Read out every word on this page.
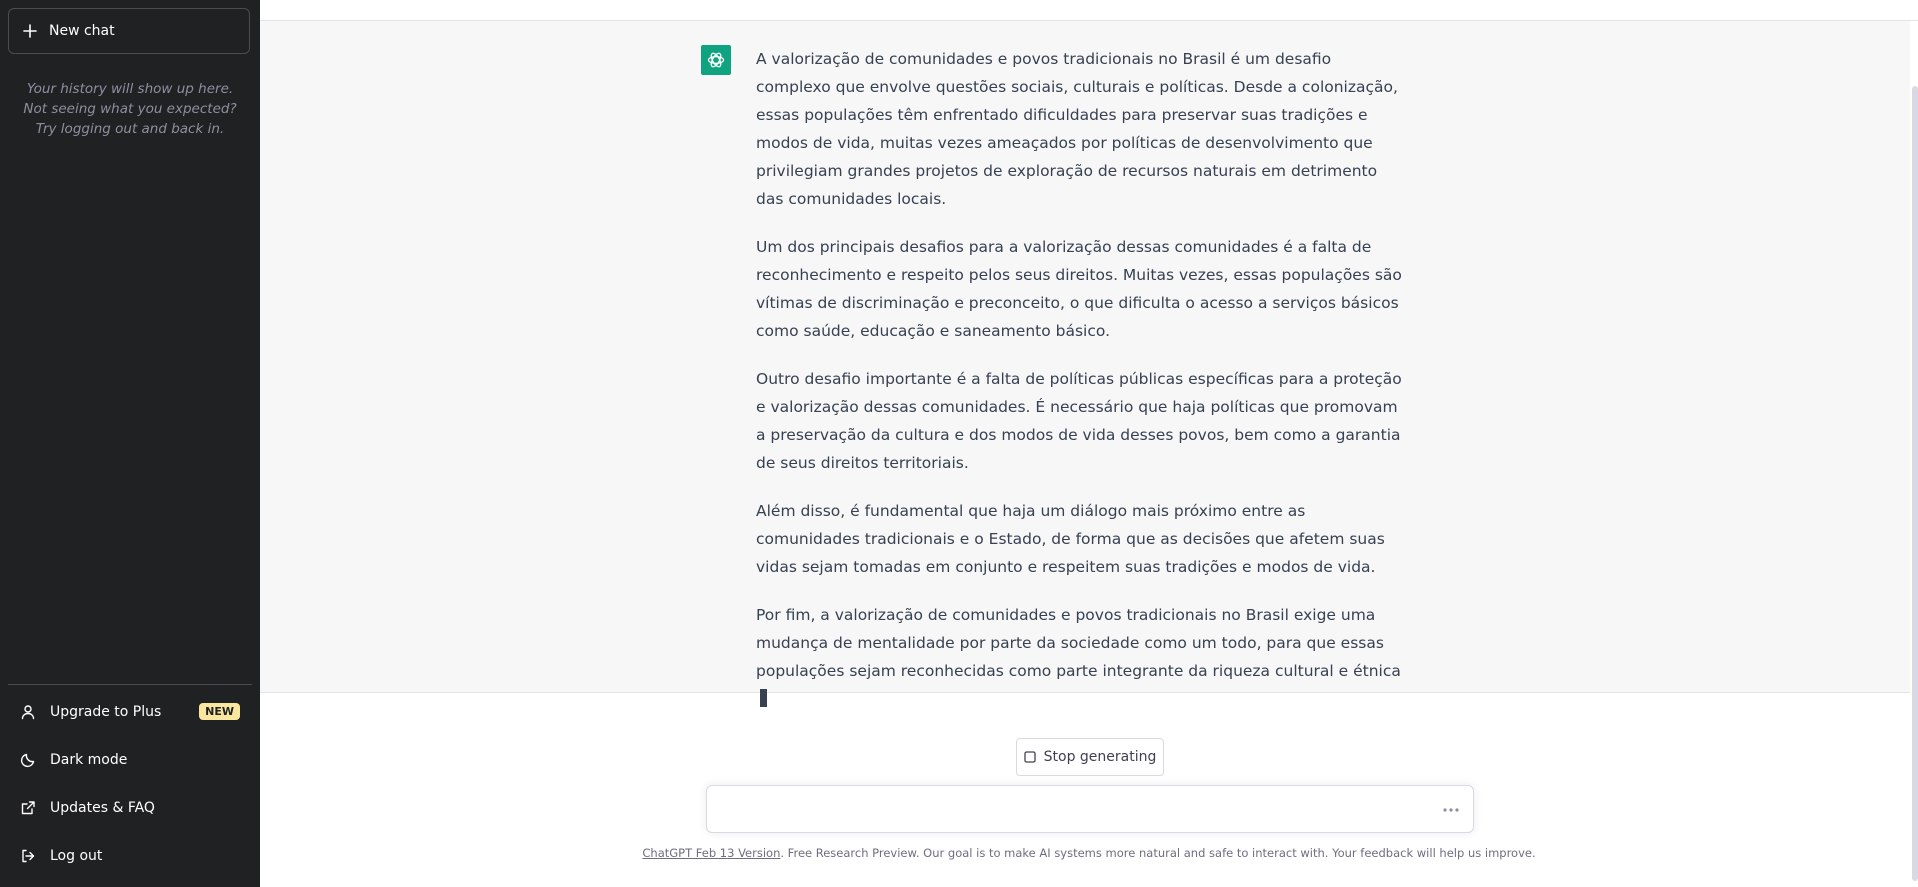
New chat
Your history will show up here. Not seeing what you expected? Try logging out and back in.
Upgrade to Plus	NEW
Dark mode
Updates & FAQ
Log out

A valorização de comunidades e povos tradicionais no Brasil é um desafio complexo que envolve questões sociais, culturais e políticas. Desde a colonização, essas populações têm enfrentado dificuldades para preservar suas tradições e modos de vida, muitas vezes ameaçados por políticas de desenvolvimento que privilegiam grandes projetos de exploração de recursos naturais em detrimento das comunidades locais.

Um dos principais desafios para a valorização dessas comunidades é a falta de reconhecimento e respeito pelos seus direitos. Muitas vezes, essas populações são vítimas de discriminação e preconceito, o que dificulta o acesso a serviços básicos como saúde, educação e saneamento básico.

Outro desafio importante é a falta de políticas públicas específicas para a proteção e valorização dessas comunidades. É necessário que haja políticas que promovam a preservação da cultura e dos modos de vida desses povos, bem como a garantia de seus direitos territoriais.

Além disso, é fundamental que haja um diálogo mais próximo entre as comunidades tradicionais e o Estado, de forma que as decisões que afetem suas vidas sejam tomadas em conjunto e respeitem suas tradições e modos de vida.

Por fim, a valorização de comunidades e povos tradicionais no Brasil exige uma mudança de mentalidade por parte da sociedade como um todo, para que essas populações sejam reconhecidas como parte integrante da riqueza cultural e étnica

Stop generating
ChatGPT Feb 13 Version. Free Research Preview. Our goal is to make AI systems more natural and safe to interact with. Your feedback will help us improve.
